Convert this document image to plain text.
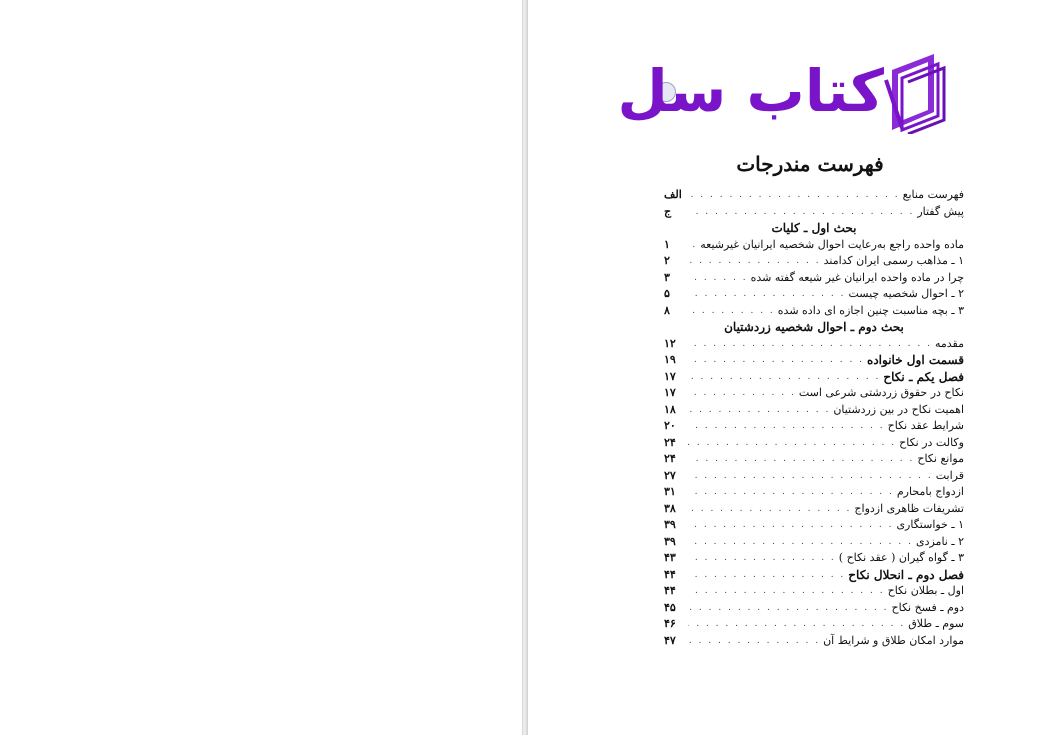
کتاب سل
فهرست مندرجات
فهرست منابع
. . .
الف
پیش گفتار
. . .
ج
بحث اول ـ کلیات
ماده واحده راجع به‌رعایت احوال شخصیه ایرانیان غیرشیعه
. . .
۱
۱ ـ مذاهب رسمی ایران کدامند
. . .
۲
چرا در ماده واحده ایرانیان غیر شیعه گفته شده
. . .
۳
۲ ـ احوال شخصیه چیست
. . .
۵
۳ ـ بچه مناسبت چنین اجازه ای داده شده
. . .
۸
بحث دوم ـ احوال شخصیه زردشتیان
مقدمه
. . .
۱۲
قسمت اول خانواده
. . .
۱۹
فصل یکم ـ نکاح
. . .
۱۷
نکاح در حقوق زردشتی شرعی است
. . .
۱۷
اهمیت نکاح در بین زردشتیان
. . .
۱۸
شرایط عقد نکاح
. . .
۲۰
وکالت در نکاح
. . .
۲۴
موانع نکاح
. . .
۲۴
قرابت
. . .
۲۷
ازدواج بامحارم
. . .
۳۱
تشریفات ظاهری ازدواج
. . .
۳۸
۱ ـ خواستگاری
. . .
۳۹
۲ ـ نامزدی
. . .
۳۹
۳ ـ گواه گیران ( عقد نکاح )
. . .
۴۳
فصل دوم ـ انحلال نکاح
. . .
۴۴
اول ـ بطلان نکاح
. . .
۴۴
دوم ـ فسخ نکاح
. . .
۴۵
سوم ـ طلاق
. . .
۴۶
موارد امکان طلاق و شرایط آن
. . .
۴۷
